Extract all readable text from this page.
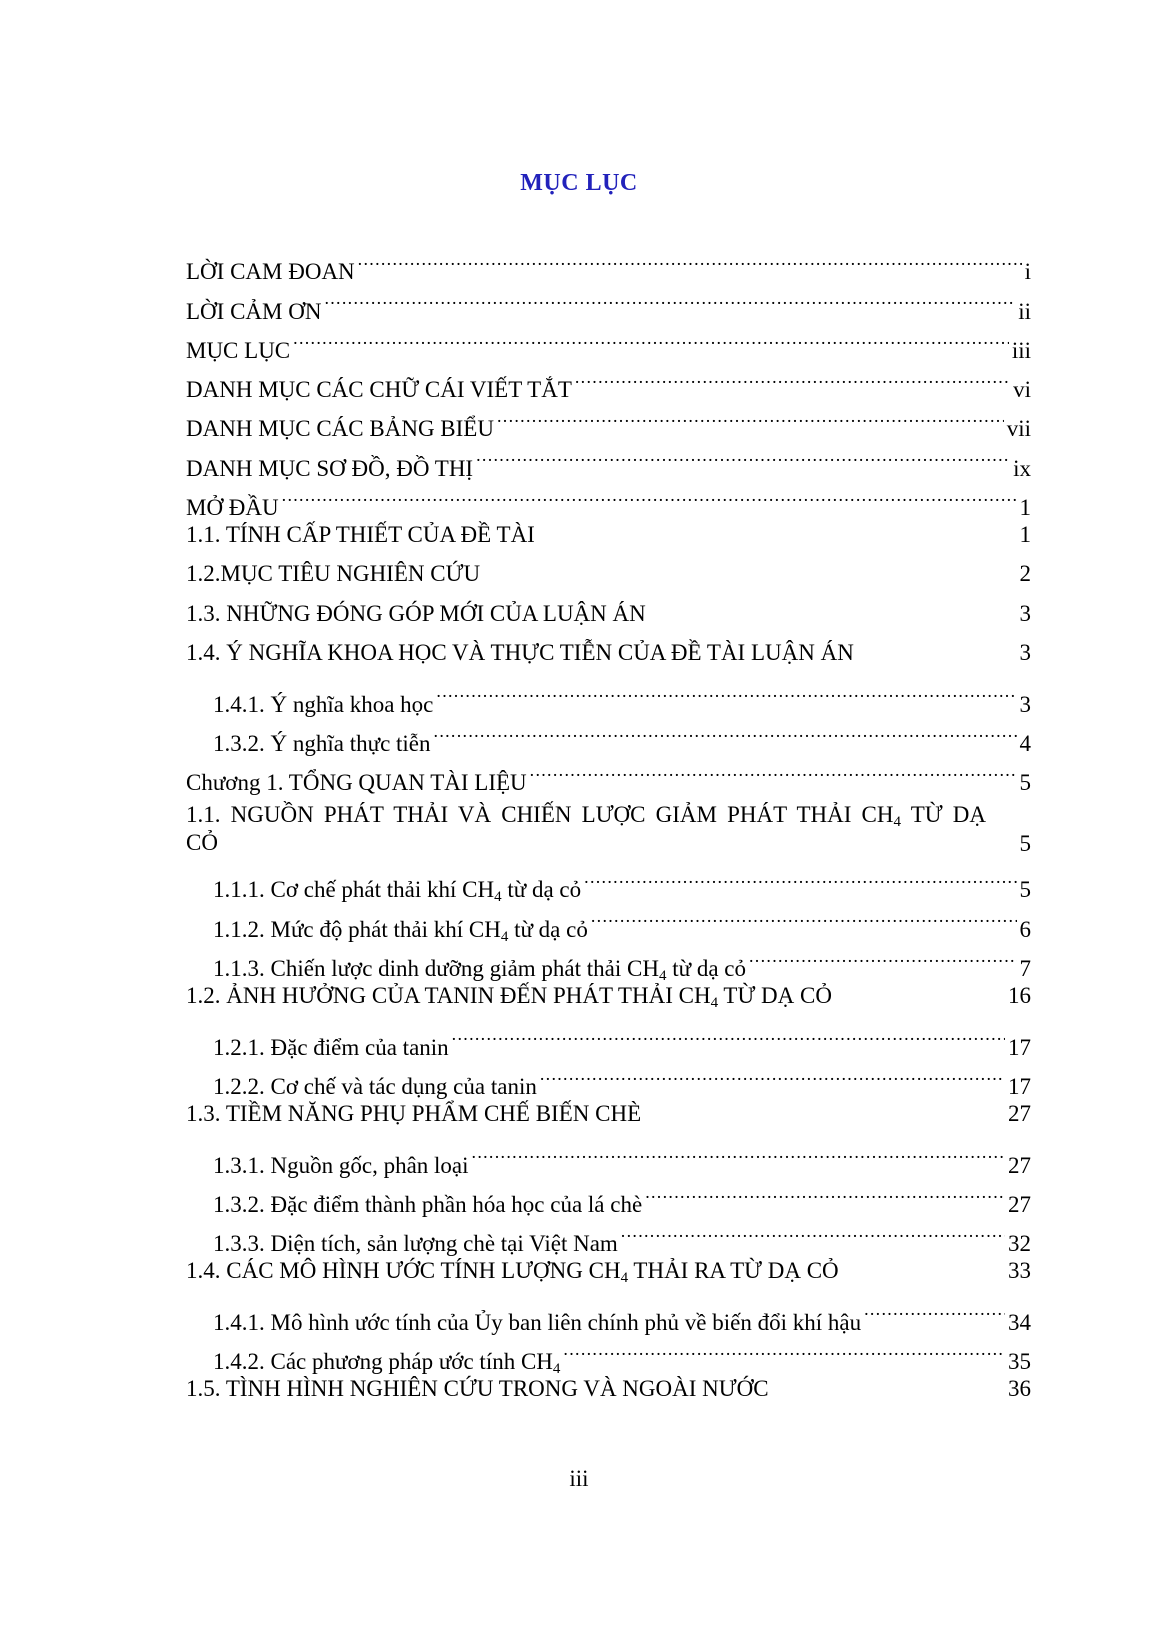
MỤC LỤC
LỜI CAM ĐOAN . . .	i
LỜI CẢM ƠN . . .	ii
MỤC LỤC . . .	iii
DANH MỤC CÁC CHỮ CÁI VIẾT TẮT . . .	vi
DANH MỤC CÁC BẢNG BIỂU . . .	vii
DANH MỤC SƠ ĐỒ, ĐỒ THỊ . . .	ix
MỞ ĐẦU . . .	1
1.1. TÍNH CẤP THIẾT CỦA ĐỀ TÀI	1
1.2.MỤC TIÊU NGHIÊN CỨU	2
1.3. NHỮNG ĐÓNG GÓP MỚI CỦA LUẬN ÁN	3
1.4. Ý NGHĨA KHOA HỌC VÀ THỰC TIỄN CỦA ĐỀ TÀI LUẬN ÁN	3
1.4.1. Ý nghĩa khoa học . . .	3
1.3.2. Ý nghĩa thực tiễn . . .	4
Chương 1. TỔNG QUAN TÀI LIỆU . . .	5
1.1. NGUỒN PHÁT THẢI VÀ CHIẾN LƯỢC GIẢM PHÁT THẢI $CH_4$ TỪ DẠ
CỎ	5
1.1.1. Cơ chế phát thải khí $CH_4$ từ dạ cỏ . . .	5
1.1.2. Mức độ phát thải khí $CH_4$ từ dạ cỏ . . .	6
1.1.3. Chiến lược dinh dưỡng giảm phát thải $CH_4$ từ dạ cỏ . . .	7
1.2. ẢNH HƯỞNG CỦA TANIN ĐẾN PHÁT THẢI $CH_4$ TỪ DẠ CỎ	16
1.2.1. Đặc điểm của tanin . . .	17
1.2.2. Cơ chế và tác dụng của tanin . . .	17
1.3. TIỀM NĂNG PHỤ PHẨM CHẾ BIẾN CHÈ	27
1.3.1. Nguồn gốc, phân loại . . .	27
1.3.2. Đặc điểm thành phần hóa học của lá chè . . .	27
1.3.3. Diện tích, sản lượng chè tại Việt Nam . . .	32
1.4. CÁC MÔ HÌNH ƯỚC TÍNH LƯỢNG $CH_4$ THẢI RA TỪ DẠ CỎ	33
1.4.1. Mô hình ước tính của Ủy ban liên chính phủ về biến đổi khí hậu . . .	34
1.4.2. Các phương pháp ước tính $CH_4$ . . .	35
1.5. TÌNH HÌNH NGHIÊN CỨU TRONG VÀ NGOÀI NƯỚC	36
iii
